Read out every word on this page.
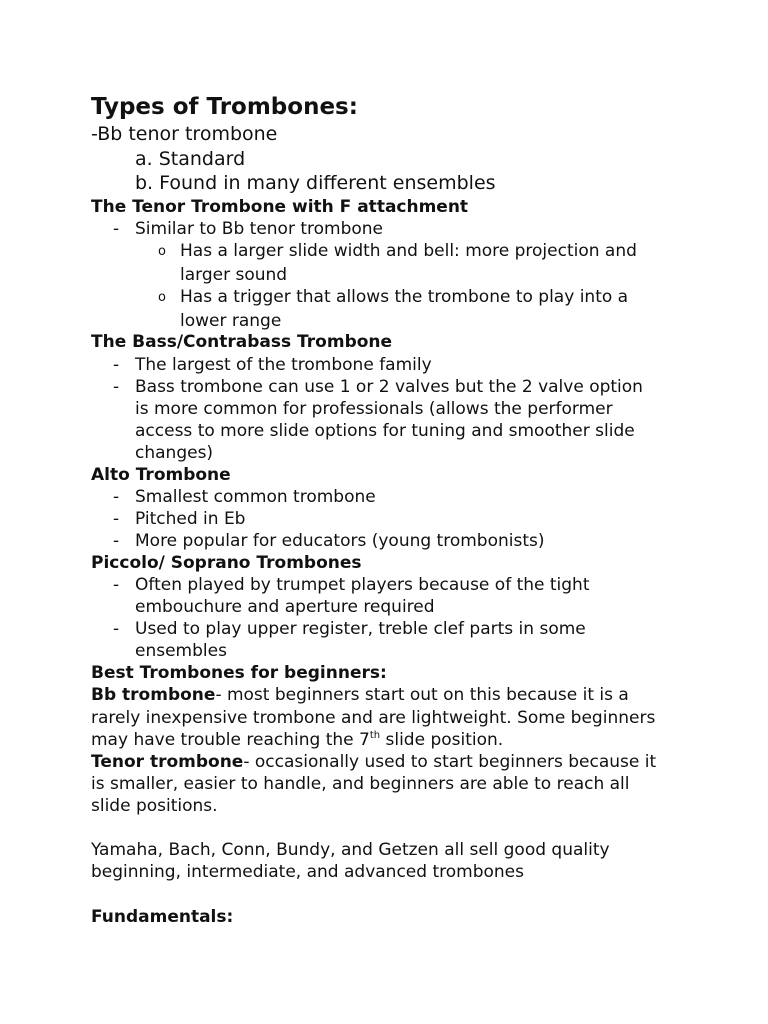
Types of Trombones:
-Bb tenor trombone
a. Standard
b. Found in many different ensembles
The Tenor Trombone with F attachment
- Similar to Bb tenor trombone
o Has a larger slide width and bell: more projection and
larger sound
o Has a trigger that allows the trombone to play into a
lower range
The Bass/Contrabass Trombone
- The largest of the trombone family
- Bass trombone can use 1 or 2 valves but the 2 valve option
is more common for professionals (allows the performer
access to more slide options for tuning and smoother slide
changes)
Alto Trombone
- Smallest common trombone
- Pitched in Eb
- More popular for educators (young trombonists)
Piccolo/ Soprano Trombones
- Often played by trumpet players because of the tight
embouchure and aperture required
- Used to play upper register, treble clef parts in some
ensembles
Best Trombones for beginners:
Bb trombone- most beginners start out on this because it is a
rarely inexpensive trombone and are lightweight. Some beginners
may have trouble reaching the 7th slide position.
Tenor trombone- occasionally used to start beginners because it
is smaller, easier to handle, and beginners are able to reach all
slide positions.
Yamaha, Bach, Conn, Bundy, and Getzen all sell good quality
beginning, intermediate, and advanced trombones
Fundamentals:
